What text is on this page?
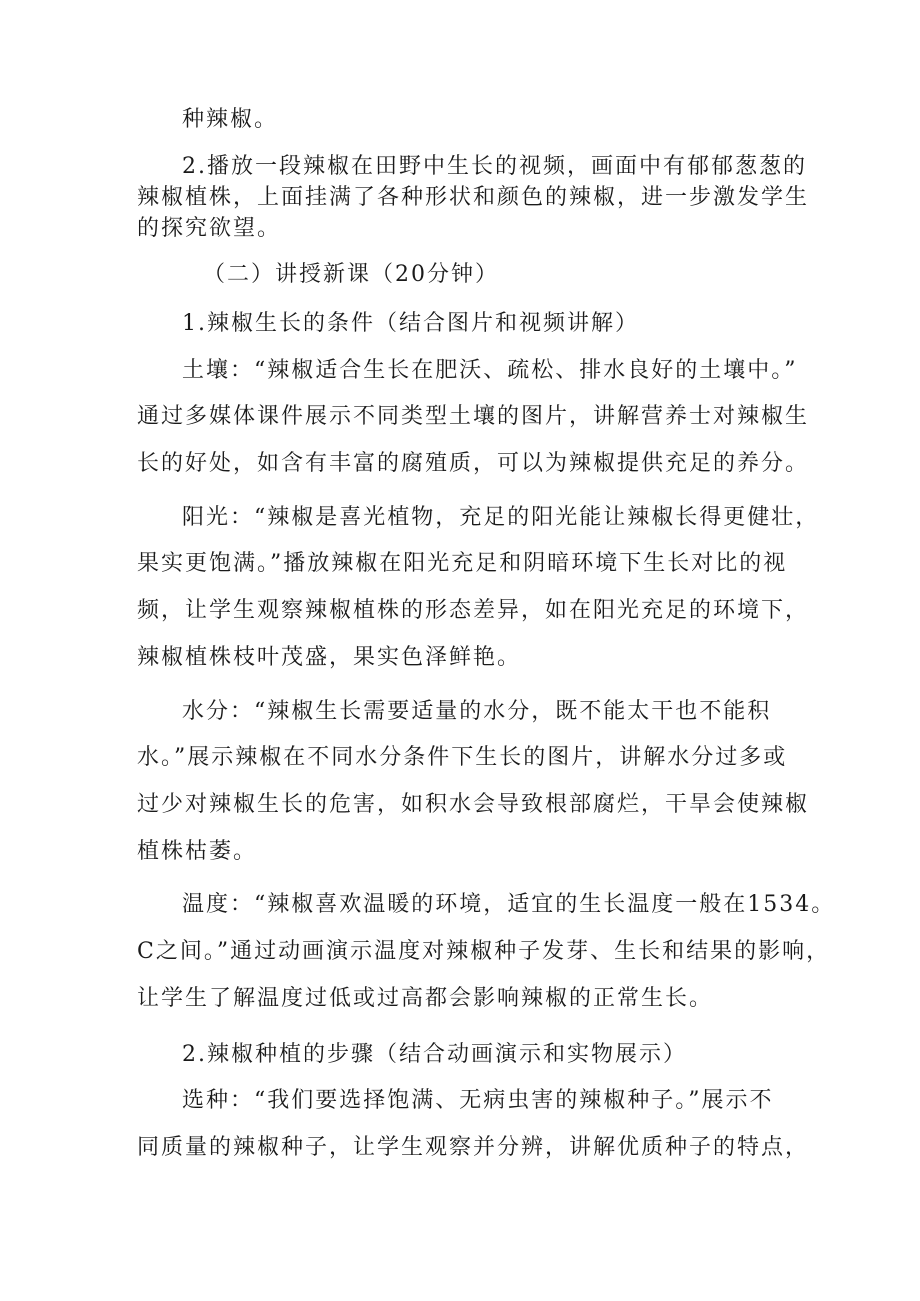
种辣椒。
2.播放一段辣椒在田野中生长的视频，画面中有郁郁葱葱的
辣椒植株，上面挂满了各种形状和颜色的辣椒，进一步激发学生
的探究欲望。
（二）讲授新课（20分钟）
1.辣椒生长的条件（结合图片和视频讲解）
土壤：“辣椒适合生长在肥沃、疏松、排水良好的土壤中。”
通过多媒体课件展示不同类型土壤的图片，讲解营养士对辣椒生
长的好处，如含有丰富的腐殖质，可以为辣椒提供充足的养分。
阳光：“辣椒是喜光植物，充足的阳光能让辣椒长得更健壮，
果实更饱满。”播放辣椒在阳光充足和阴暗环境下生长对比的视
频，让学生观察辣椒植株的形态差异，如在阳光充足的环境下，
辣椒植株枝叶茂盛，果实色泽鲜艳。
水分：“辣椒生长需要适量的水分，既不能太干也不能积
水。”展示辣椒在不同水分条件下生长的图片，讲解水分过多或
过少对辣椒生长的危害，如积水会导致根部腐烂，干旱会使辣椒
植株枯萎。
温度：“辣椒喜欢温暖的环境，适宜的生长温度一般在1534。
C之间。”通过动画演示温度对辣椒种子发芽、生长和结果的影响，
让学生了解温度过低或过高都会影响辣椒的正常生长。
2.辣椒种植的步骤（结合动画演示和实物展示）
选种：“我们要选择饱满、无病虫害的辣椒种子。”展示不
同质量的辣椒种子，让学生观察并分辨，讲解优质种子的特点，
